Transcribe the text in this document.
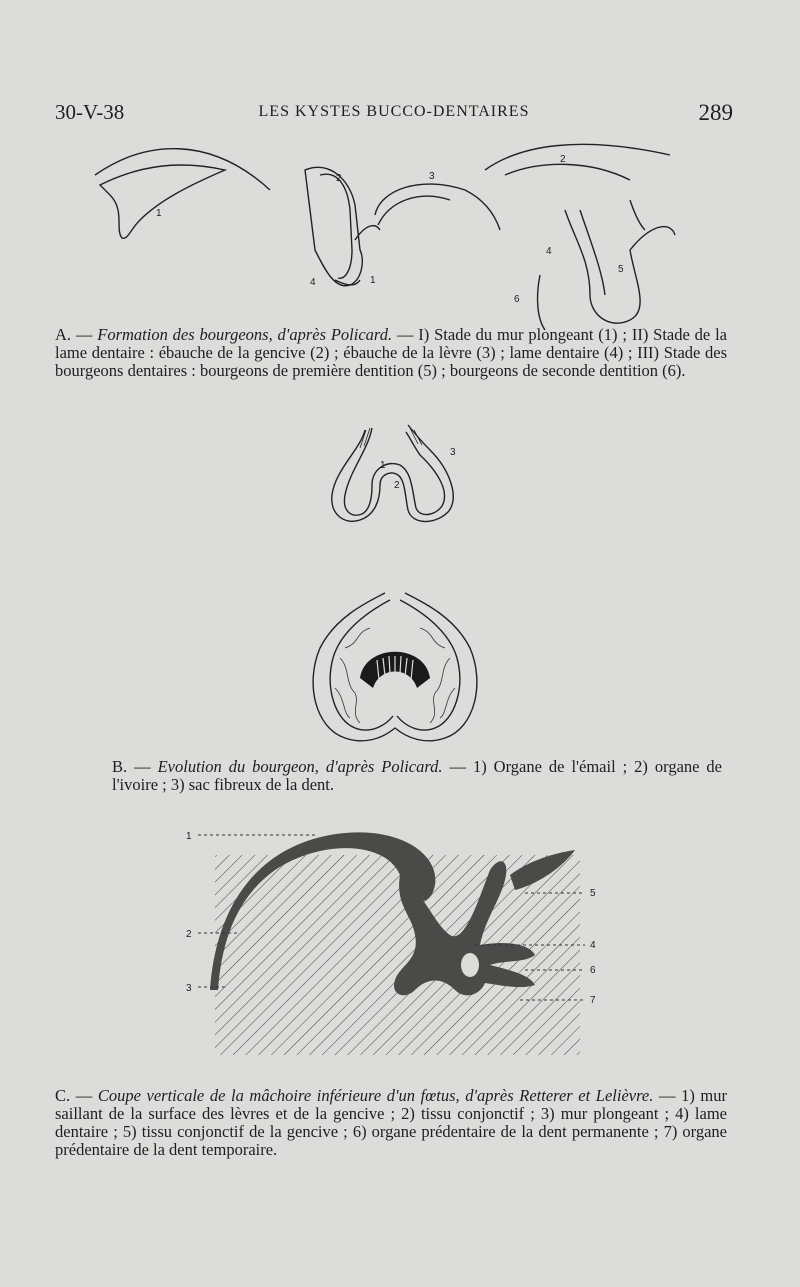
30-V-38	LES KYSTES BUCCO-DENTAIRES	289
1
2	3
4	1
2
4
5
6

A. — Formation des bourgeons, d'après Policard. — I) Stade du mur plongeant (1) ; II) Stade de la lame dentaire : ébauche de la gencive (2) ; ébauche de la lèvre (3) ; lame dentaire (4) ; III) Stade des bourgeons dentaires : bourgeons de première dentition (5) ; bourgeons de seconde dentition (6).

1
2
3

B. — Evolution du bourgeon, d'après Policard. — 1) Organe de l'émail ; 2) organe de l'ivoire ; 3) sac fibreux de la dent.

1
2
3
4
5
6
7

C. — Coupe verticale de la mâchoire inférieure d'un fœtus, d'après Retterer et Lelièvre. — 1) mur saillant de la surface des lèvres et de la gencive ; 2) tissu conjonctif ; 3) mur plongeant ; 4) lame dentaire ; 5) tissu conjonctif de la gencive ; 6) organe prédentaire de la dent permanente ; 7) organe prédentaire de la dent temporaire.
